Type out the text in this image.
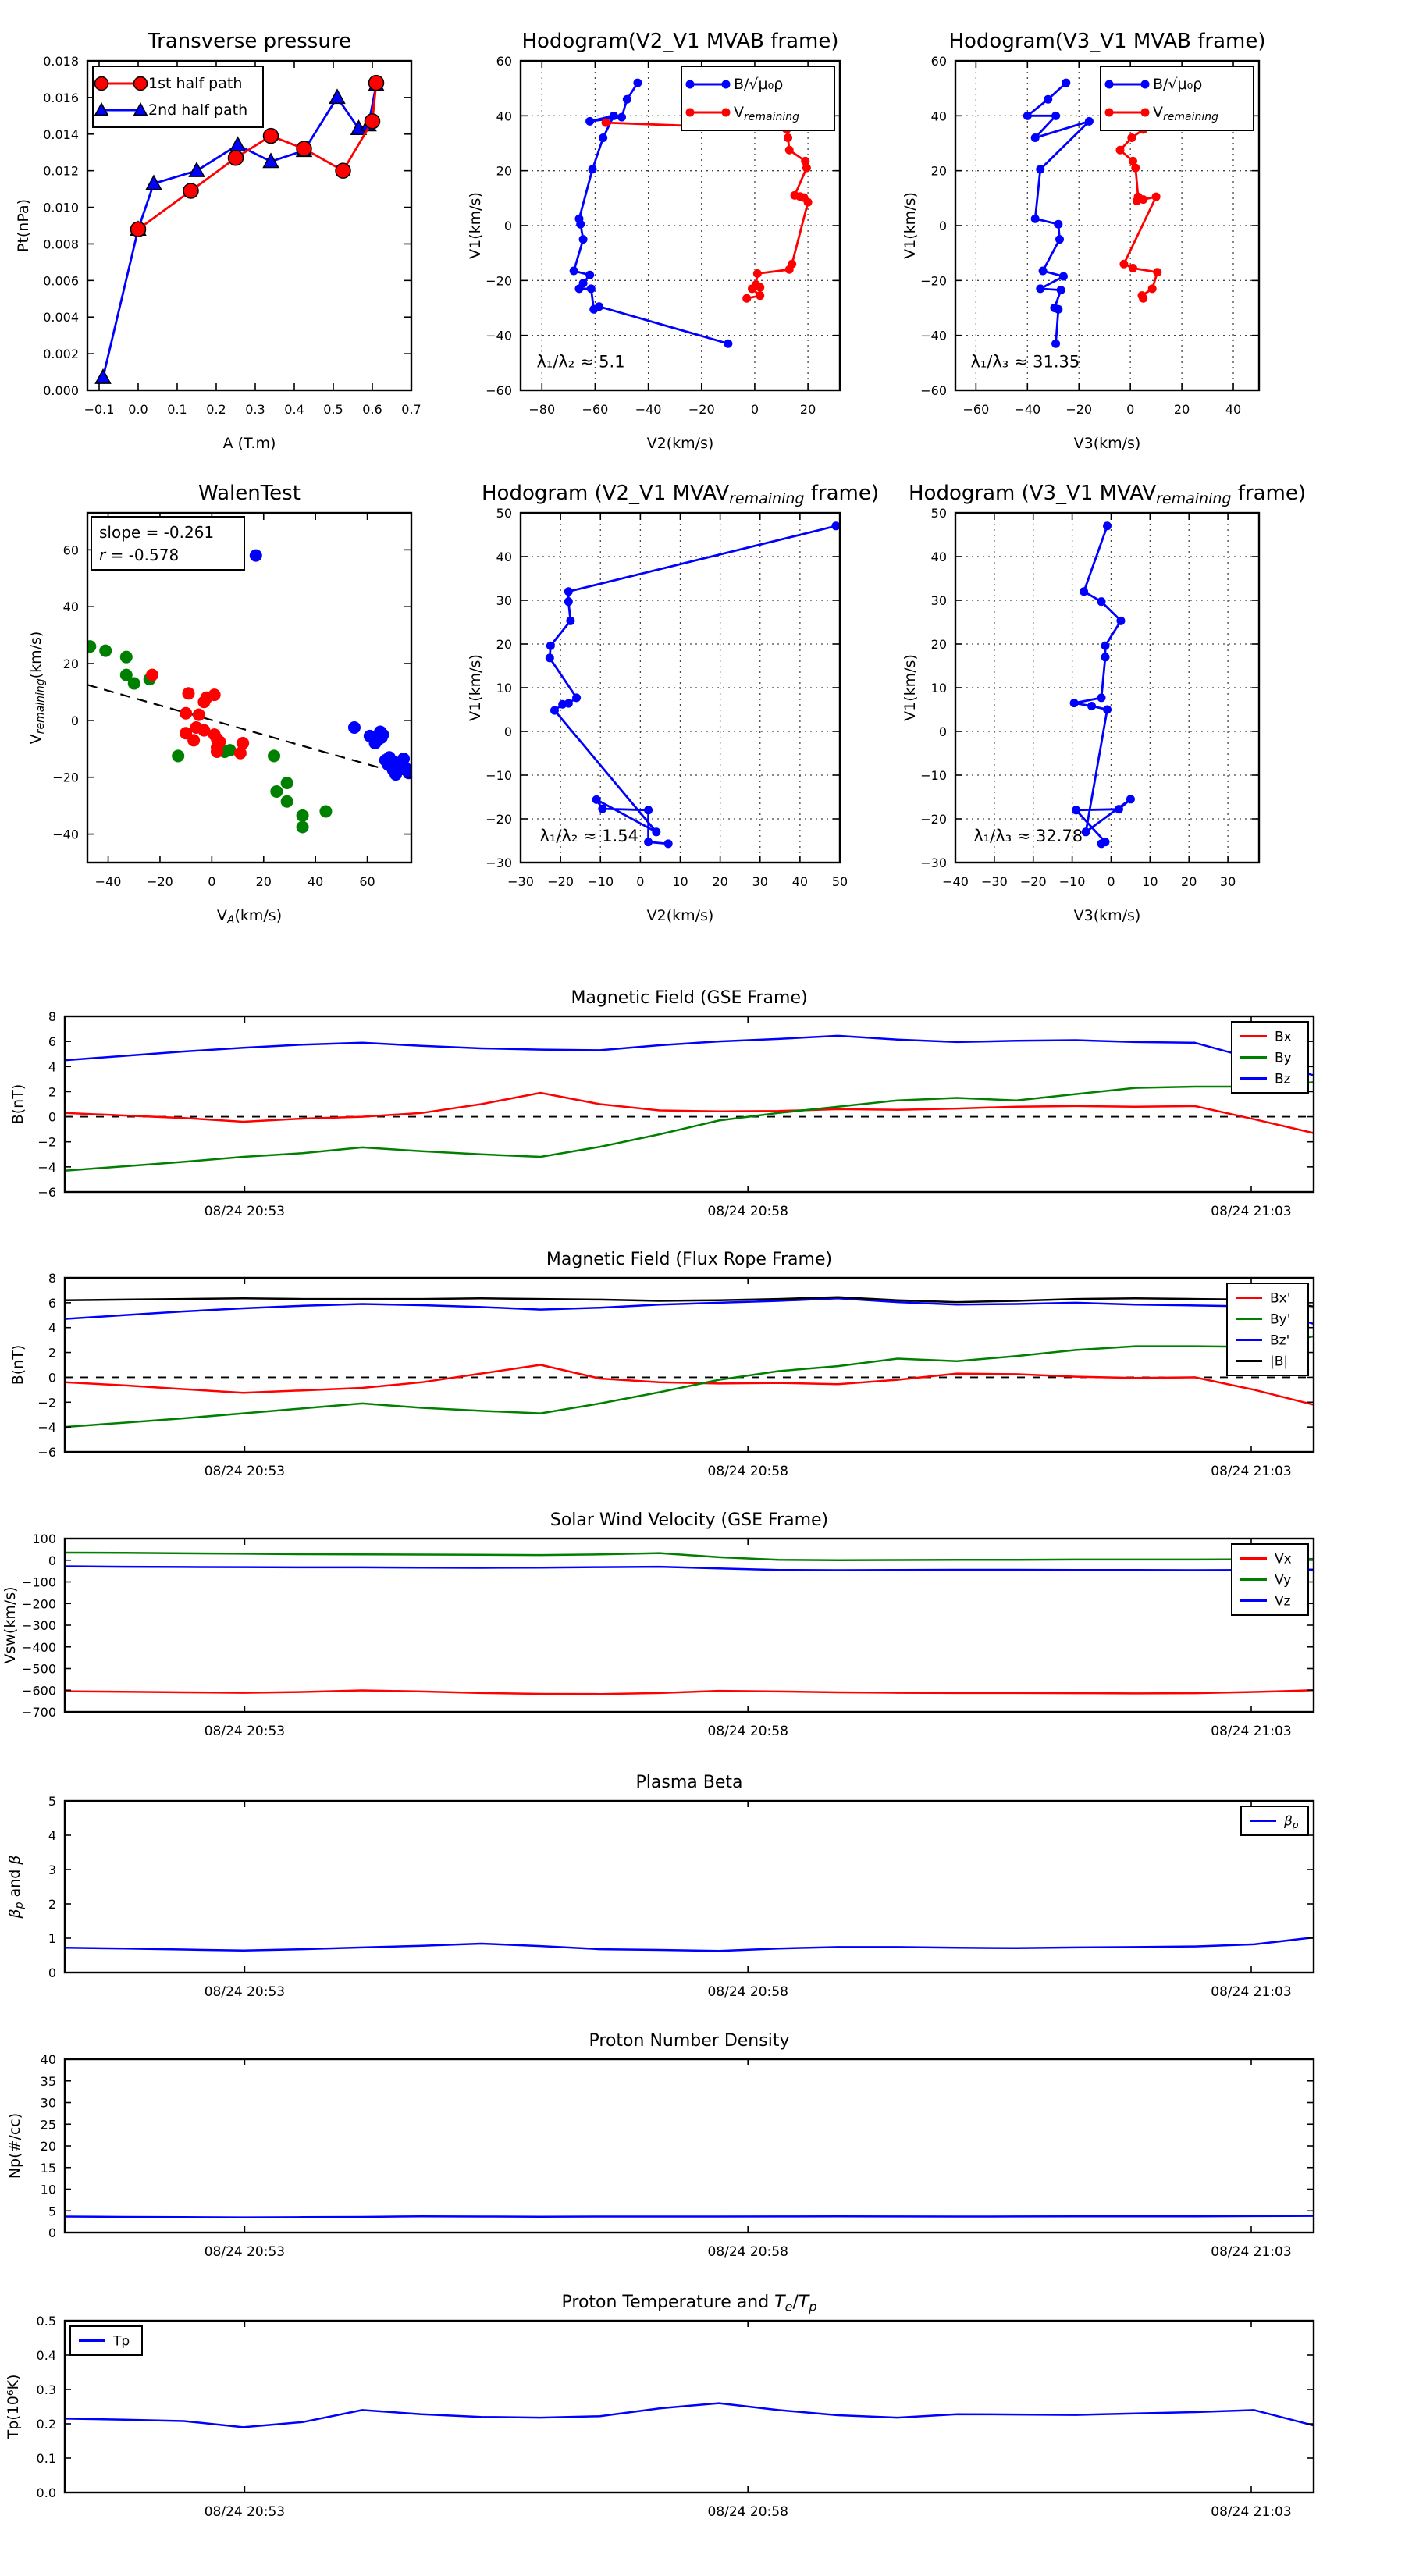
−0.1 0.0 0.1 0.2 0.3 0.4 0.5 0.6 0.7
0.000
0.002
0.004
0.006
0.008
0.010
0.012
0.014
0.016
0.018
Transverse pressure
A (T.m)
Pt(nPa)
1st half path
2nd half path
−80 −60 −40 −20	0	20
−60
−40
−20
0
20
40
60
Hodogram(V2_V1 MVAB frame)
V2(km/s)
V1(km/s)
λ₁/λ₂ ≈ 5.1
B/√μ₀ρ
$V_{remaining}$
−60 −40 −20	0	20	40
−60
−40
−20
0
20
40
60
Hodogram(V3_V1 MVAB frame)
V3(km/s)
V1(km/s)
λ₁/λ₃ ≈ 31.35
B/√μ₀ρ
$V_{remaining}$
−40 −20	0	20	40	60
−40
−20
0
20
40
60
WalenTest
$V_A(km/s)$
$V_{remaining}(km/s)$
slope = -0.261
r = -0.578
−30 −20 −10 0 10 20 30 40 50
−30
−20
−10
0
10
20
30
40
50
Hodogram (V2_V1 $MVAV_{remaining}$ frame)
V2(km/s)
V1(km/s)
λ₁/λ₂ ≈ 1.54
−40 −30 −20 −10 0 10 20 30
−30
−20
−10
0
10
20
30
40
50
Hodogram (V3_V1 $MVAV_{remaining}$ frame)
V3(km/s)
V1(km/s)
λ₁/λ₃ ≈ 32.78
08/24 20:53	08/24 20:58	08/24 21:03
−6
−4
−2
0
2
4
6
8
Magnetic Field (GSE Frame)
B(nT)
Bx
By
Bz
08/24 20:53	08/24 20:58	08/24 21:03
−6
−4
−2
0
2
4
6
8
Magnetic Field (Flux Rope Frame)
B(nT)
Bx'
By'
Bz'
|B|
08/24 20:53	08/24 20:58	08/24 21:03
100
0
−100
−200
−300
−400
−500
−600
−700
Solar Wind Velocity (GSE Frame)
Vsw(km/s)
Vx
Vy
Vz
08/24 20:53	08/24 20:58	08/24 21:03
0
1
2
3
4
5
Plasma Beta
$\beta_p$ and β
$\beta_p$
08/24 20:53	08/24 20:58	08/24 21:03
0
5
10
15
20
25
30
35
40
Proton Number Density
Np(#/cc)
08/24 20:53	08/24 20:58	08/24 21:03
0.0
0.1
0.2
0.3
0.4
0.5
Proton Temperature and $T_e/T_p$
Tp(10⁶K)
Tp
